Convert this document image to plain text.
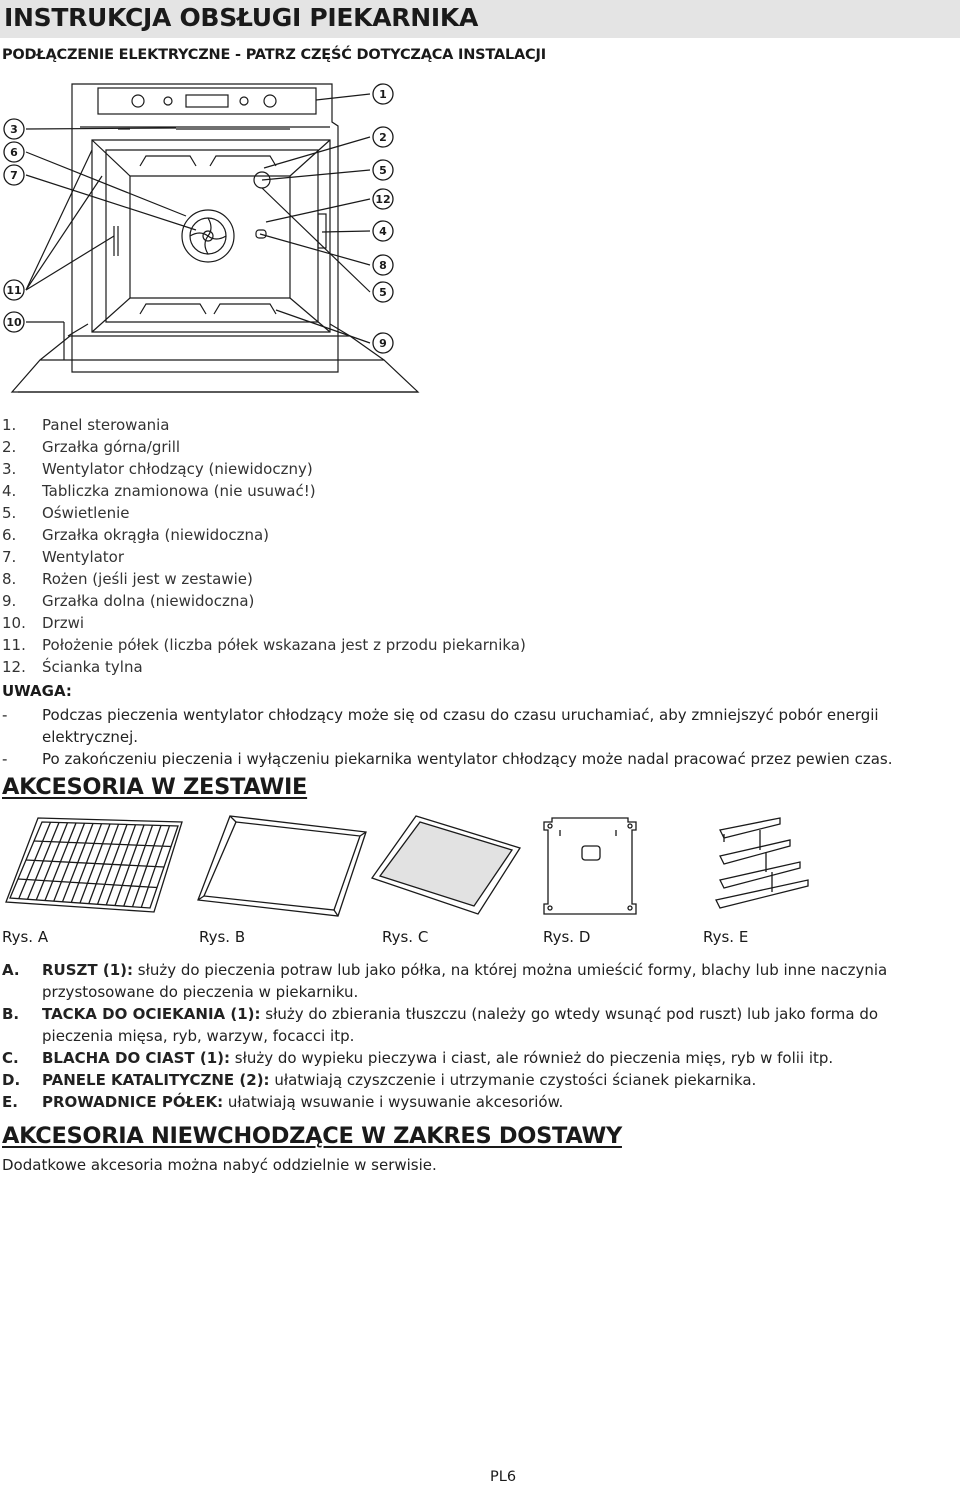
INSTRUKCJA OBSŁUGI PIEKARNIKA
PODŁĄCZENIE ELEKTRYCZNE - PATRZ CZĘŚĆ DOTYCZĄCA INSTALACJI
1
2
5
12
4
8
5
9
3
6
7
11
10
1. Panel sterowania
2. Grzałka górna/grill
3. Wentylator chłodzący (niewidoczny)
4. Tabliczka znamionowa (nie usuwać!)
5. Oświetlenie
6. Grzałka okrągła (niewidoczna)
7. Wentylator
8. Rożen (jeśli jest w zestawie)
9. Grzałka dolna (niewidoczna)
10. Drzwi
11. Położenie półek (liczba półek wskazana jest z przodu piekarnika)
12. Ścianka tylna
UWAGA:
- Podczas pieczenia wentylator chłodzący może się od czasu do czasu uruchamiać, aby zmniejszyć pobór energii elektrycznej.
- Po zakończeniu pieczenia i wyłączeniu piekarnika wentylator chłodzący może nadal pracować przez pewien czas.
AKCESORIA W ZESTAWIE
Rys. A	Rys. B	Rys. C	Rys. D	Rys. E
A. RUSZT (1): służy do pieczenia potraw lub jako półka, na której można umieścić formy, blachy lub inne naczynia przystosowane do pieczenia w piekarniku.
B. TACKA DO OCIEKANIA (1): służy do zbierania tłuszczu (należy go wtedy wsunąć pod ruszt) lub jako forma do pieczenia mięsa, ryb, warzyw, focacci itp.
C. BLACHA DO CIAST (1): służy do wypieku pieczywa i ciast, ale również do pieczenia mięs, ryb w folii itp.
D. PANELE KATALITYCZNE (2): ułatwiają czyszczenie i utrzymanie czystości ścianek piekarnika.
E. PROWADNICE PÓŁEK: ułatwiają wsuwanie i wysuwanie akcesoriów.
AKCESORIA NIEWCHODZĄCE W ZAKRES DOSTAWY
Dodatkowe akcesoria można nabyć oddzielnie w serwisie.
PL6
